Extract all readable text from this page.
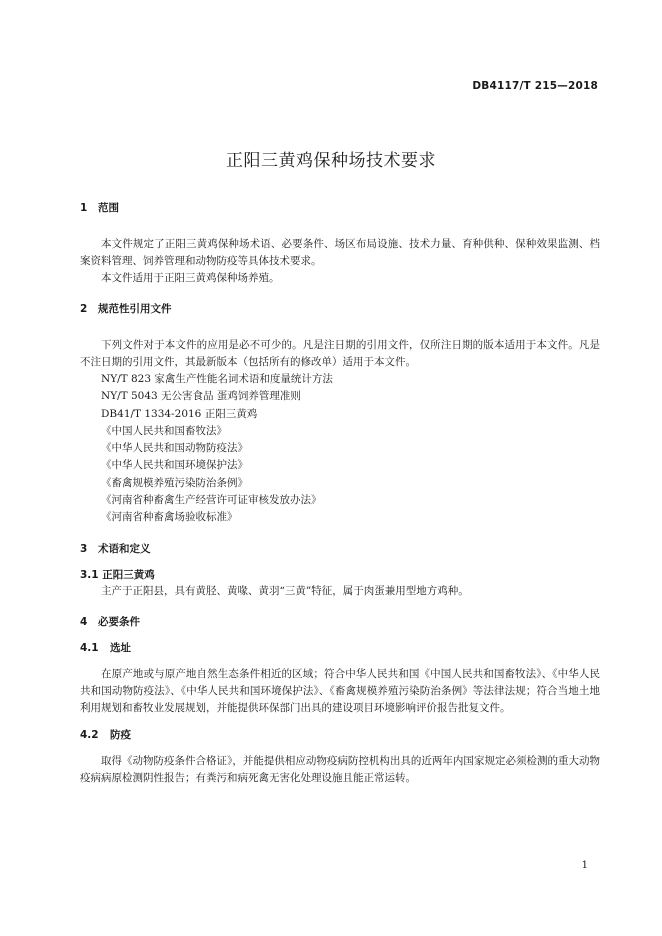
DB4117/T 215—2018
正阳三黄鸡保种场技术要求
1 范围

本文件规定了正阳三黄鸡保种场术语、必要条件、场区布局设施、技术力量、育种供种、保种效果监测、档案资料管理、饲养管理和动物防疫等具体技术要求。

本文件适用于正阳三黄鸡保种场养殖。

2 规范性引用文件

下列文件对于本文件的应用是必不可少的。凡是注日期的引用文件，仅所注日期的版本适用于本文件。凡是不注日期的引用文件，其最新版本（包括所有的修改单）适用于本文件。

NY/T 823 家禽生产性能名词术语和度量统计方法

NY/T 5043 无公害食品 蛋鸡饲养管理准则

DB41/T 1334-2016 正阳三黄鸡

《中国人民共和国畜牧法》

《中华人民共和国动物防疫法》

《中华人民共和国环境保护法》

《畜禽规模养殖污染防治条例》

《河南省种畜禽生产经营许可证审核发放办法》

《河南省种畜禽场验收标准》

3 术语和定义
3.1 正阳三黄鸡

主产于正阳县，具有黄胫、黄喙、黄羽“三黄”特征，属于肉蛋兼用型地方鸡种。

4 必要条件
4.1 选址

在原产地或与原产地自然生态条件相近的区域；符合中华人民共和国《中国人民共和国畜牧法》、《中华人民共和国动物防疫法》、《中华人民共和国环境保护法》、《畜禽规模养殖污染防治条例》等法律法规；符合当地土地利用规划和畜牧业发展规划，并能提供环保部门出具的建设项目环境影响评价报告批复文件。

4.2 防疫

取得《动物防疫条件合格证》，并能提供相应动物疫病防控机构出具的近两年内国家规定必须检测的重大动物疫病病原检测阴性报告；有粪污和病死禽无害化处理设施且能正常运转。

1
